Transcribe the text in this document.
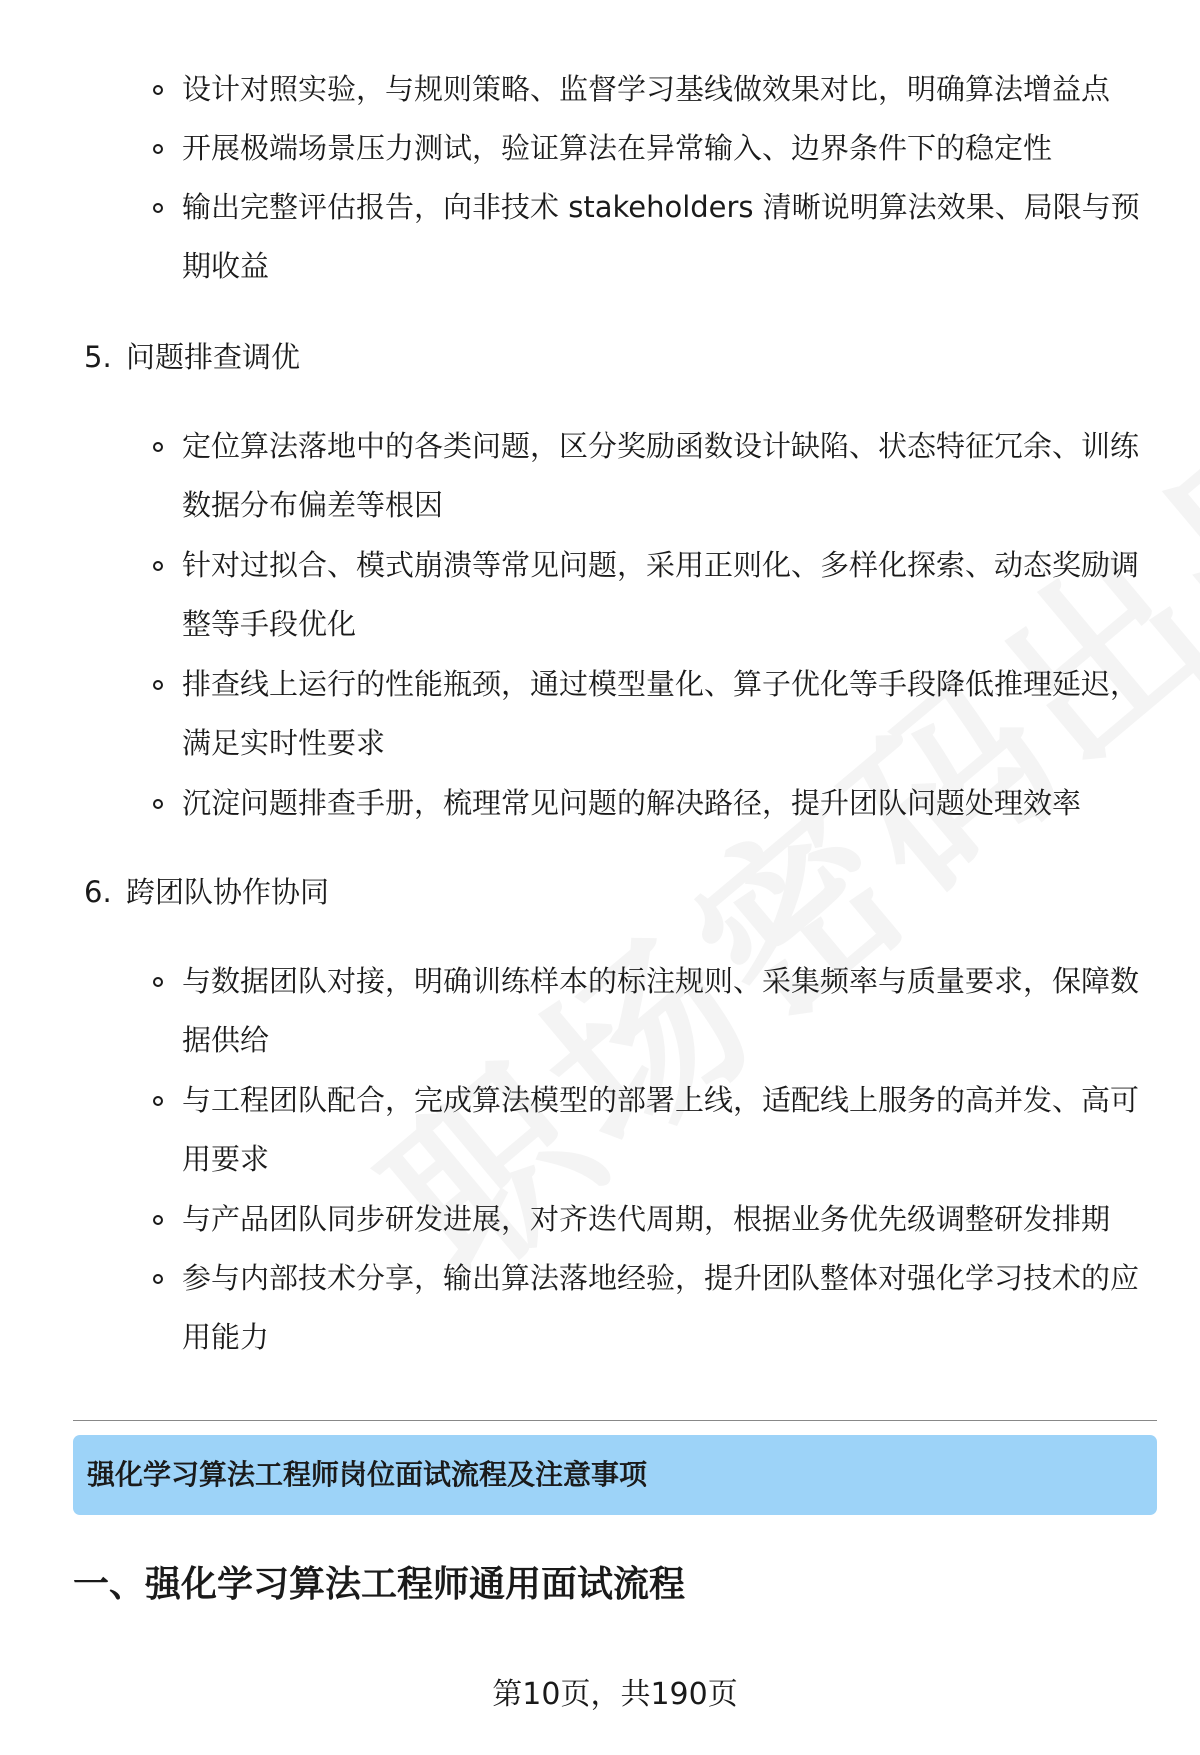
设计对照实验，与规则策略、监督学习基线做效果对比，明确算法增益点
开展极端场景压力测试，验证算法在异常输入、边界条件下的稳定性
输出完整评估报告，向非技术 stakeholders 清晰说明算法效果、局限与预期收益
5. 问题排查调优
定位算法落地中的各类问题，区分奖励函数设计缺陷、状态特征冗余、训练数据分布偏差等根因
针对过拟合、模式崩溃等常见问题，采用正则化、多样化探索、动态奖励调整等手段优化
排查线上运行的性能瓶颈，通过模型量化、算子优化等手段降低推理延迟，满足实时性要求
沉淀问题排查手册，梳理常见问题的解决路径，提升团队问题处理效率
6. 跨团队协作协同
与数据团队对接，明确训练样本的标注规则、采集频率与质量要求，保障数据供给
与工程团队配合，完成算法模型的部署上线，适配线上服务的高并发、高可用要求
与产品团队同步研发进展，对齐迭代周期，根据业务优先级调整研发排期
参与内部技术分享，输出算法落地经验，提升团队整体对强化学习技术的应用能力
强化学习算法工程师岗位面试流程及注意事项
一、强化学习算法工程师通用面试流程
第10页，共190页
